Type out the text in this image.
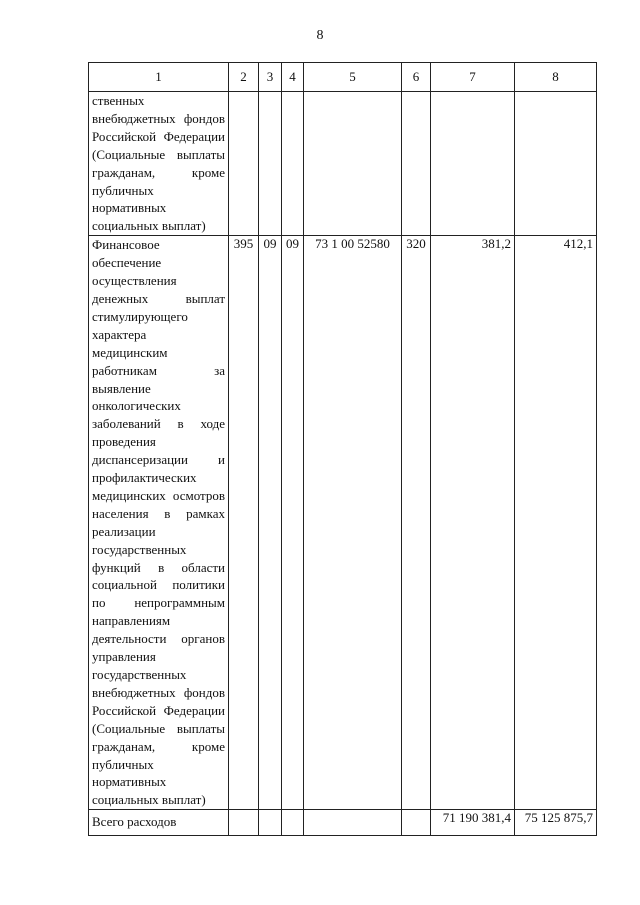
8
1	2	3	4	5	6	7	8
ственных внебюджетных фондов Российской Федерации (Социальные выплаты гражданам, кроме публичных нормативных социальных выплат)							
Финансовое обеспечение осуществления денежных выплат стимулирующего характера медицинским работникам за выявление онкологических заболеваний в ходе проведения диспансеризации и профилактических медицинских осмотров населения в рамках реализации государственных функций в области социальной политики по непрограммным направлениям деятельности органов управления государственных внебюджетных фондов Российской Федерации (Социальные выплаты гражданам, кроме публичных нормативных социальных выплат)	395	09	09	73 1 00 52580	320	381,2	412,1
Всего расходов						71 190 381,4	75 125 875,7
